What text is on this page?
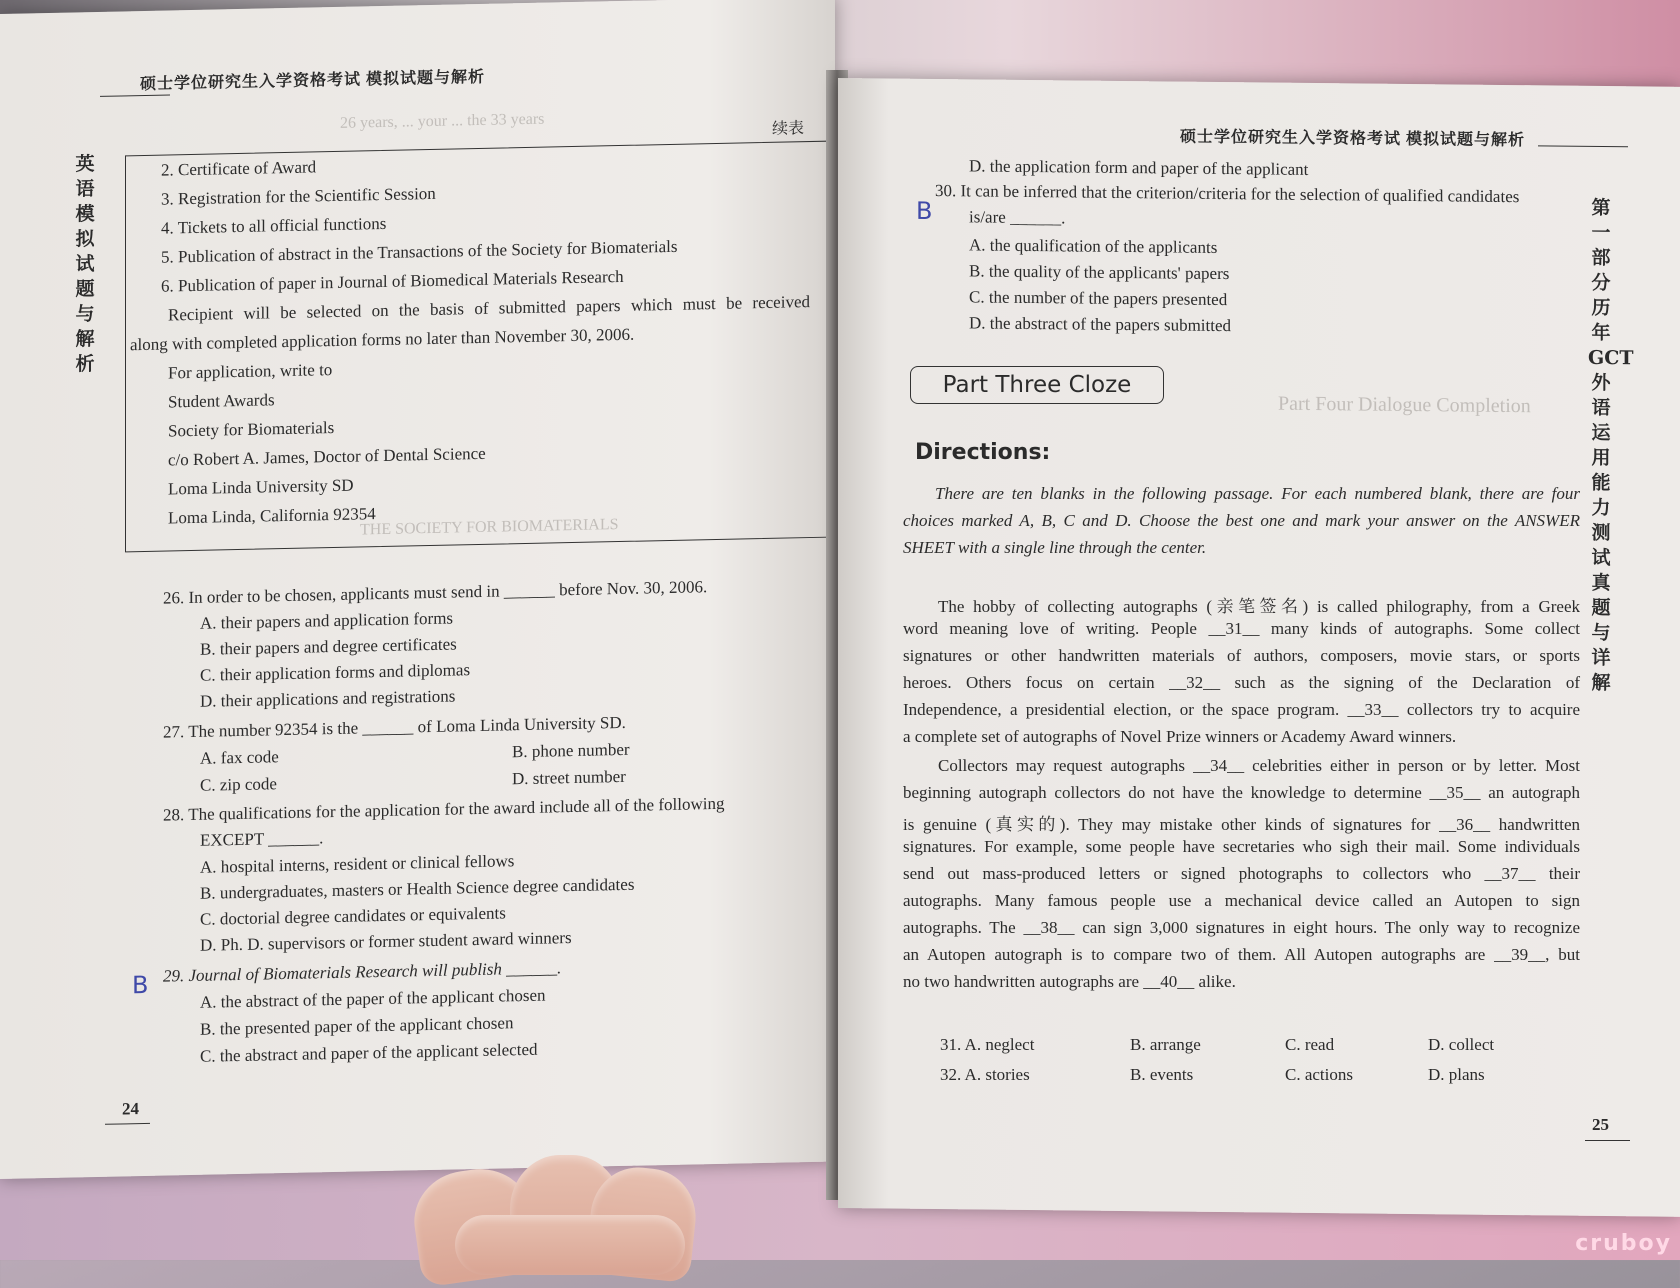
硕士学位研究生入学资格考试 模拟试题与解析
英语模拟试题与解析
续表
26 years, ... your ... the 33 years
THE SOCIETY FOR BIOMATERIALS
2. Certificate of Award
3. Registration for the Scientific Session
4. Tickets to all official functions
5. Publication of abstract in the Transactions of the Society for Biomaterials
6. Publication of paper in Journal of Biomedical Materials Research
Recipient will be selected on the basis of submitted papers which must be received
along with completed application forms no later than November 30, 2006.
For application, write to
Student Awards
Society for Biomaterials
c/o Robert A. James, Doctor of Dental Science
Loma Linda University SD
Loma Linda, California 92354
26. In order to be chosen, applicants must send in ______ before Nov. 30, 2006.
A. their papers and application forms
B. their papers and degree certificates
C. their application forms and diplomas
D. their applications and registrations
27. The number 92354 is the ______ of Loma Linda University SD.
A. fax code	B. phone number
C. zip code	D. street number
28. The qualifications for the application for the award include all of the following
EXCEPT ______.
A. hospital interns, resident or clinical fellows
B. undergraduates, masters or Health Science degree candidates
C. doctorial degree candidates or equivalents
D. Ph. D. supervisors or former student award winners
B 29. Journal of Biomaterials Research will publish ______.
A. the abstract of the paper of the applicant chosen
B. the presented paper of the applicant chosen
C. the abstract and paper of the applicant selected
24
硕士学位研究生入学资格考试 模拟试题与解析
第一部分 历年GCT外语运用能力测试真题与详解
D. the application form and paper of the applicant
B
30. It can be inferred that the criterion/criteria for the selection of qualified candidates
is/are ______.
A. the qualification of the applicants
B. the quality of the applicants' papers
C. the number of the papers presented
D. the abstract of the papers submitted
Part Four Dialogue Completion
Part Three Cloze
Directions:
There are ten blanks in the following passage. For each numbered blank, there are four
choices marked A, B, C and D. Choose the best one and mark your answer on the ANSWER
SHEET with a single line through the center.
The hobby of collecting autographs (亲笔签名) is called philography, from a Greek
word meaning love of writing. People __31__ many kinds of autographs. Some collect
signatures or other handwritten materials of authors, composers, movie stars, or sports
heroes. Others focus on certain __32__ such as the signing of the Declaration of
Independence, a presidential election, or the space program. __33__ collectors try to acquire
a complete set of autographs of Novel Prize winners or Academy Award winners.
Collectors may request autographs __34__ celebrities either in person or by letter. Most
beginning autograph collectors do not have the knowledge to determine __35__ an autograph
is genuine (真实的). They may mistake other kinds of signatures for __36__ handwritten
signatures. For example, some people have secretaries who sigh their mail. Some individuals
send out mass-produced letters or signed photographs to collectors who __37__ their
autographs. Many famous people use a mechanical device called an Autopen to sign
autographs. The __38__ can sign 3,000 signatures in eight hours. The only way to recognize
an Autopen autograph is to compare two of them. All Autopen autographs are __39__, but
no two handwritten autographs are __40__ alike.
31. A. neglect	B. arrange	C. read	D. collect
32. A. stories	B. events	C. actions	D. plans
25
cruboy
